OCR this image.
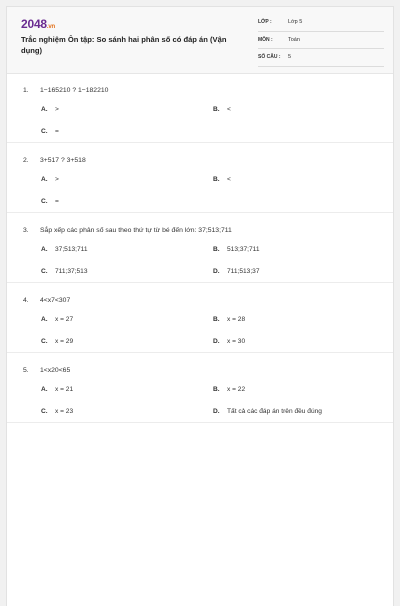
2048.vn
Trắc nghiệm Ôn tập: So sánh hai phân số có đáp án (Vận dụng)
LỚP :	Lớp 5
MÔN :	Toán
SỐ CÂU : 5
1. 1−165210 ? 1−182210
A. >	B. <
C. =
2. 3+517 ? 3+518
A. >	B. <
C. =
3. Sắp xếp các phân số sau theo thứ tự từ bé đến lớn: 37;513;711
A. 37;513;711	B. 513;37;711
C. 711;37;513	D. 711;513;37
4. 4<x7<307
A. x = 27	B. x = 28
C. x = 29	D. x = 30
5. 1<x20<65
A. x = 21	B. x = 22
C. x = 23	D. Tất cả các đáp án trên đều đúng
